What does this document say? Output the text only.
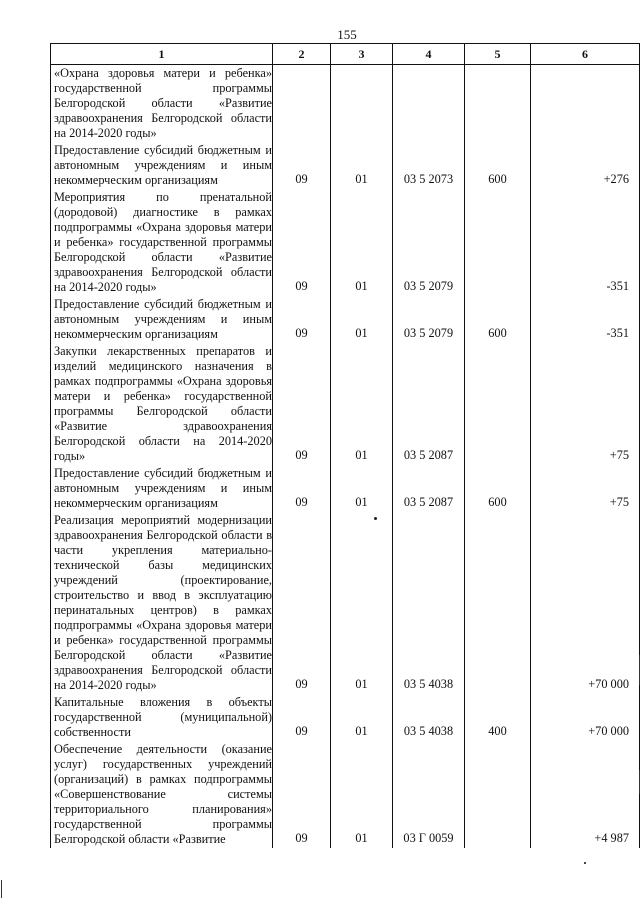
155
1	2	3	4	5	6
«Охрана здоровья матери и ребенка» государственной программы Белгородской области «Развитие здравоохранения Белгородской области на 2014-2020 годы»					
Предоставление субсидий бюджетным и автономным учреждениям и иным некоммерческим организациям	09	01	03 5 2073	600	+276
Мероприятия по пренатальной (дородовой) диагностике в рамках подпрограммы «Охрана здоровья матери и ребенка» государственной программы Белгородской области «Развитие здравоохранения Белгородской области на 2014-2020 годы»	09	01	03 5 2079		-351
Предоставление субсидий бюджетным и автономным учреждениям и иным некоммерческим организациям	09	01	03 5 2079	600	-351
Закупки лекарственных препаратов и изделий медицинского назначения в рамках подпрограммы «Охрана здоровья матери и ребенка» государственной программы Белгородской области «Развитие здравоохранения Белгородской области на 2014-2020 годы»	09	01	03 5 2087		+75
Предоставление субсидий бюджетным и автономным учреждениям и иным некоммерческим организациям	09	01	03 5 2087	600	+75
Реализация мероприятий модернизации здравоохранения Белгородской области в части укрепления материально-технической базы медицинских учреждений (проектирование, строительство и ввод в эксплуатацию перинатальных центров) в рамках подпрограммы «Охрана здоровья матери и ребенка» государственной программы Белгородской области «Развитие здравоохранения Белгородской области на 2014-2020 годы»	09	01	03 5 4038		+70 000
Капитальные вложения в объекты государственной (муниципальной) собственности	09	01	03 5 4038	400	+70 000
Обеспечение деятельности (оказание услуг) государственных учреждений (организаций) в рамках подпрограммы «Совершенствование системы территориального планирования» государственной программы Белгородской области «Развитие	09	01	03 Г 0059		+4 987
